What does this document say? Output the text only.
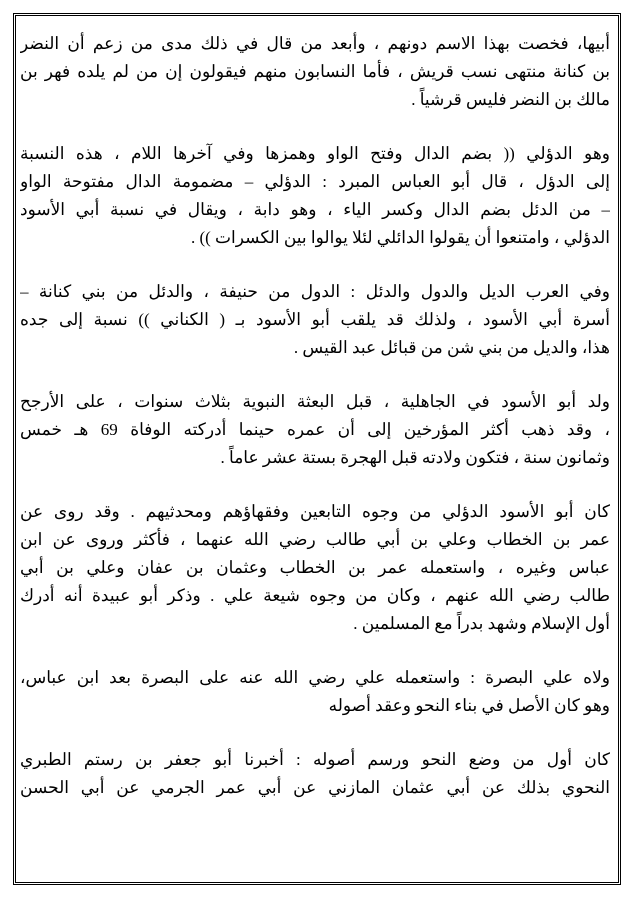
أبيها، فخصت بهذا الاسم دونهم ، وأبعد من قال في ذلك مدى من زعم أن النضر
بن كنانة منتهى نسب قريش ، فأما النسابون منهم فيقولون إن من لم يلده فهر بن
مالك بن النضر فليس قرشياً .

وهو الدؤلي (( بضم الدال وفتح الواو وهمزها وفي آخرها اللام ، هذه النسبة
إلى الدؤل ، قال أبو العباس المبرد : الدؤلي – مضمومة الدال مفتوحة الواو
– من الدئل بضم الدال وكسر الياء ، وهو دابة ، ويقال في نسبة أبي الأسود
الدؤلي ، وامتنعوا أن يقولوا الدائلي لئلا يوالوا بين الكسرات )) .

وفي العرب الديل والدول والدئل : الدول من حنيفة ، والدئل من بني كنانة –
أسرة أبي الأسود ، ولذلك قد يلقب أبو الأسود بـ ( الكناني )) نسبة إلى جده
هذا، والديل من بني شن من قبائل عبد القيس .

ولد أبو الأسود في الجاهلية ، قبل البعثة النبوية بثلاث سنوات ، على الأرجح
، وقد ذهب أكثر المؤرخين إلى أن عمره حينما أدركته الوفاة 69 هـ خمس
وثمانون سنة ، فتكون ولادته قبل الهجرة بستة عشر عاماً .

كان أبو الأسود الدؤلي من وجوه التابعين وفقهاؤهم ومحدثيهم . وقد روى عن
عمر بن الخطاب وعلي بن أبي طالب رضي الله عنهما ، فأكثر وروى عن ابن
عباس وغيره ، واستعمله عمر بن الخطاب وعثمان بن عفان وعلي بن أبي
طالب رضي الله عنهم ، وكان من وجوه شيعة علي . وذكر أبو عبيدة أنه أدرك
أول الإسلام وشهد بدراً مع المسلمين .

ولاه علي البصرة : واستعمله علي رضي الله عنه على البصرة بعد ابن عباس،
وهو كان الأصل في بناء النحو وعقد أصوله

كان أول من وضع النحو ورسم أصوله : أخبرنا أبو جعفر بن رستم الطبري
النحوي بذلك عن أبي عثمان المازني عن أبي عمر الجرمي عن أبي الحسن
